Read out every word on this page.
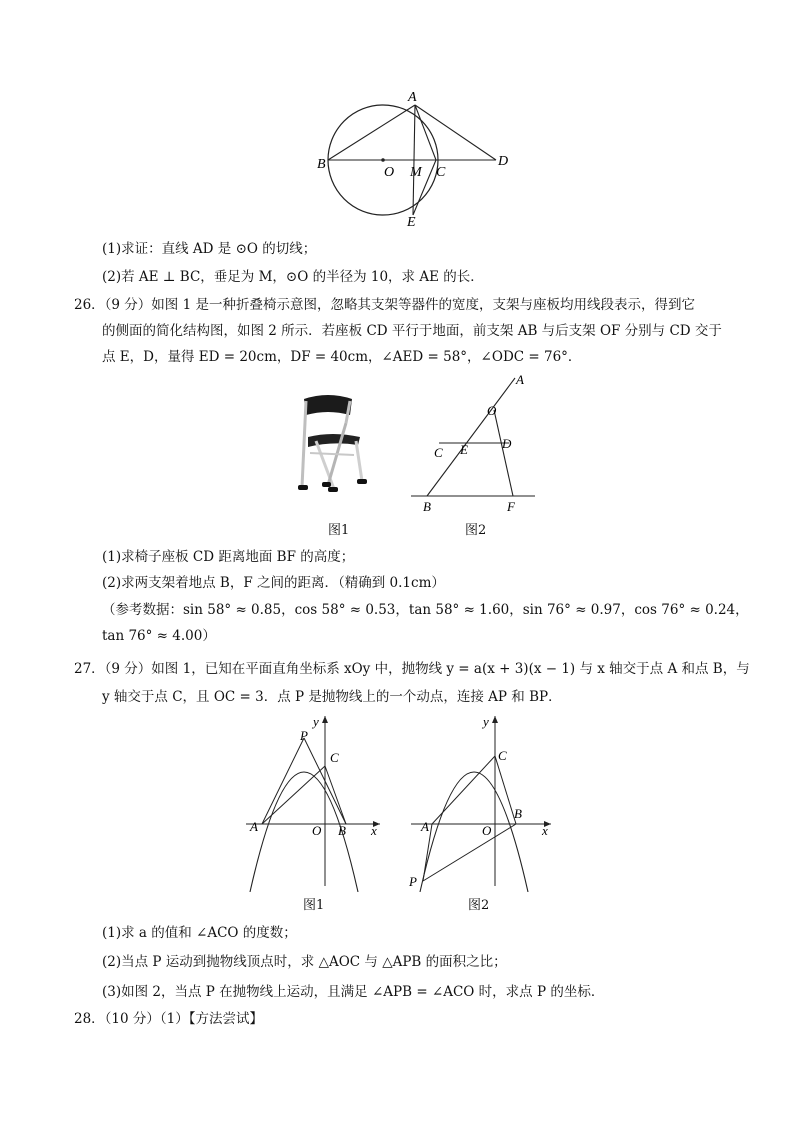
A
B
O M C
D
E
(1)求证：直线 AD 是 ⊙O 的切线；
(2)若 AE ⊥ BC，垂足为 M，⊙O 的半径为 10，求 AE 的长．
26．（9 分）如图 1 是一种折叠椅示意图，忽略其支架等器件的宽度，支架与座板均用线段表示，得到它
的侧面的简化结构图，如图 2 所示．若座板 CD 平行于地面，前支架 AB 与后支架 OF 分别与 CD 交于
点 E，D，量得 ED = 20cm，DF = 40cm，∠AED = 58°，∠ODC = 76°．
A
O
D
C E
B	F
图1	图2
(1)求椅子座板 CD 距离地面 BF 的高度；
(2)求两支架着地点 B，F 之间的距离．（精确到 0.1cm）
（参考数据：sin 58° ≈ 0.85，cos 58° ≈ 0.53，tan 58° ≈ 1.60，sin 76° ≈ 0.97，cos 76° ≈ 0.24，
tan 76° ≈ 4.00）
27．（9 分）如图 1，已知在平面直角坐标系 xOy 中，抛物线 y = a(x + 3)(x − 1) 与 x 轴交于点 A 和点 B，与
y 轴交于点 C，且 OC = 3．点 P 是抛物线上的一个动点，连接 AP 和 BP．
y
P
C
A	O B x
y
C
B
A	O	x
P
图1	图2
(1)求 a 的值和 ∠ACO 的度数；
(2)当点 P 运动到抛物线顶点时，求 △AOC 与 △APB 的面积之比；
(3)如图 2，当点 P 在抛物线上运动，且满足 ∠APB = ∠ACO 时，求点 P 的坐标．
28．（10 分）（1）【方法尝试】
